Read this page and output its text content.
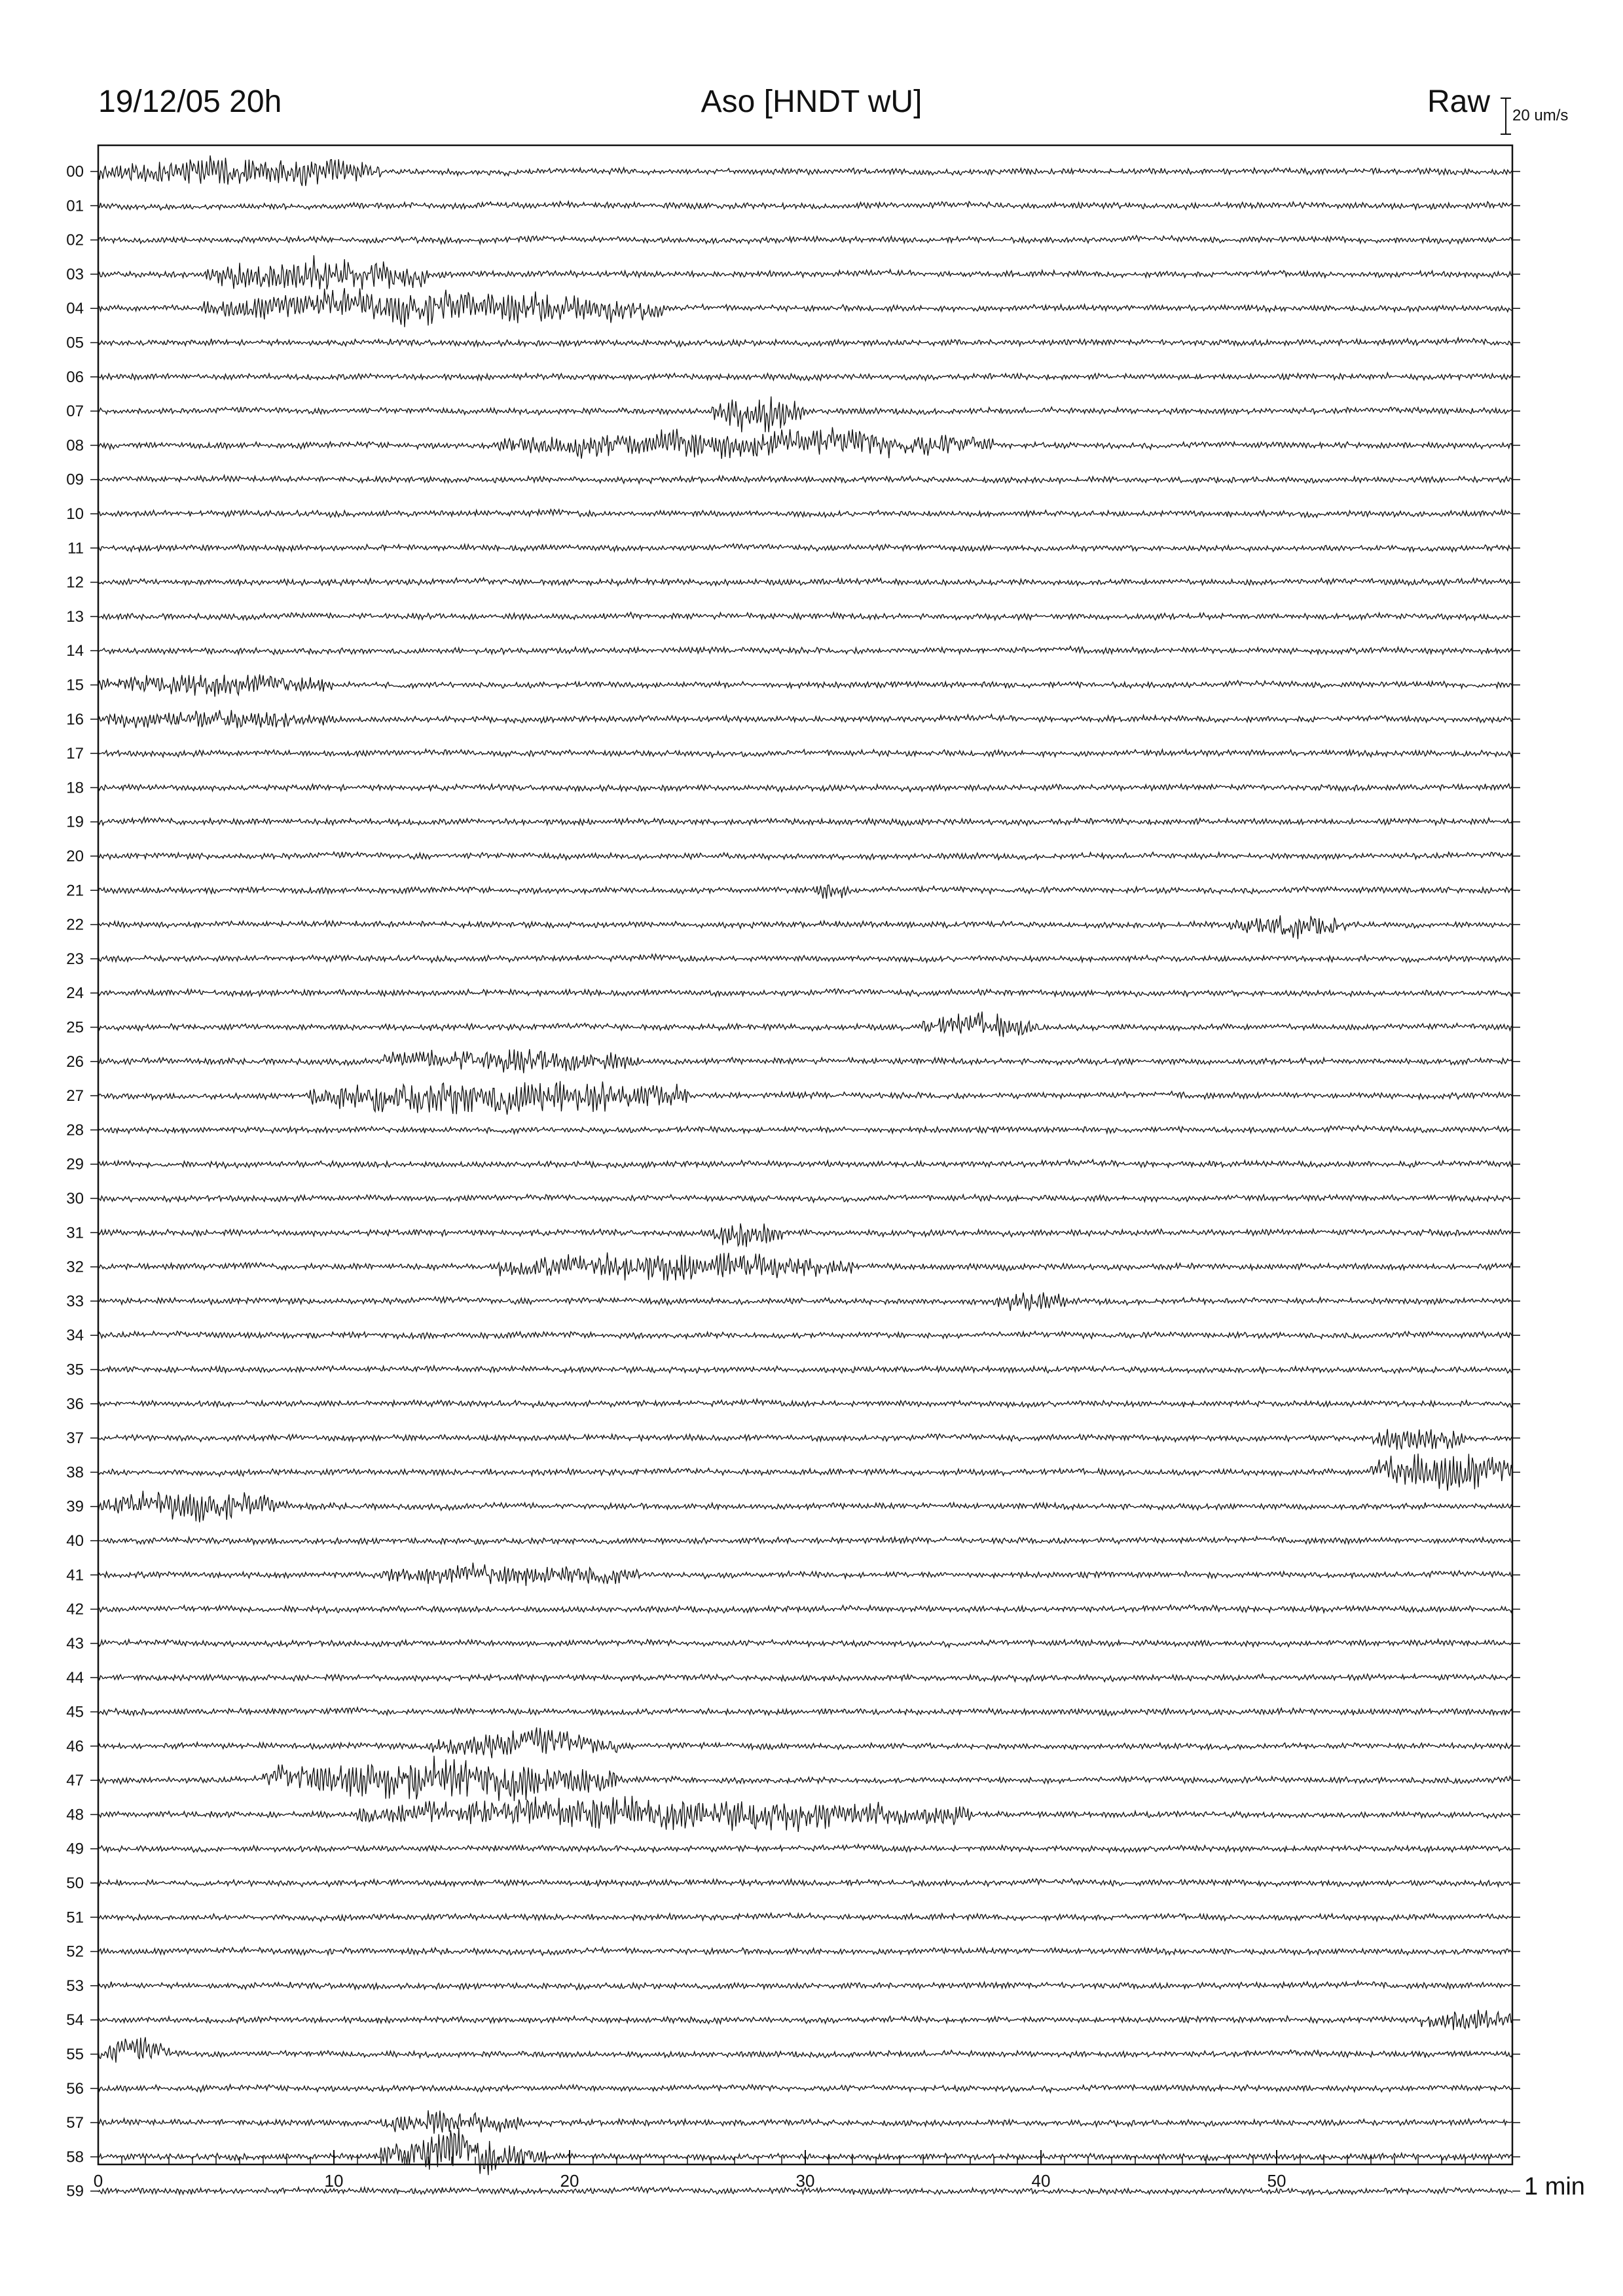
19/12/05 20h	Aso [HNDT wU]	Raw 20 um/s
1 min
00
01
02
03
04
05
06
07
08
09
10
11
12
13
14
15
16
17
18
19
20
21
22
23
24
25
26
27
28
29
30
31
32
33
34
35
36
37
38
39
40
41
42
43
44
45
46
47
48
49
50
51
52
53
54
55
56
57
58
59
0	10	20	30	40	50
